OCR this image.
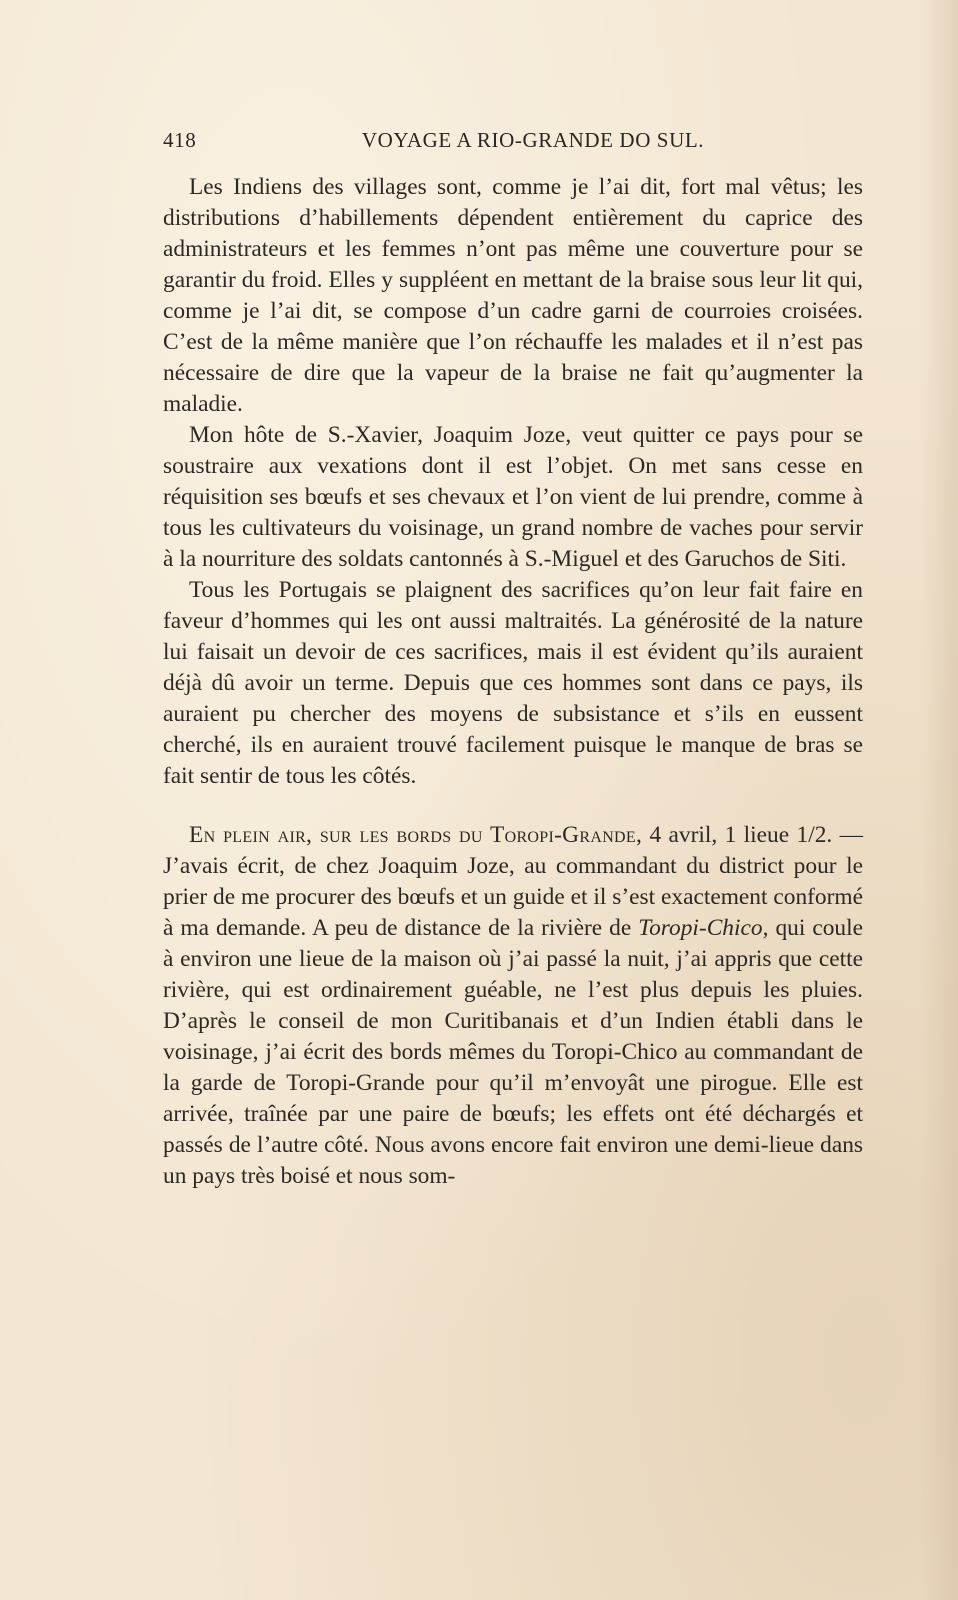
418	VOYAGE A RIO-GRANDE DO SUL.

Les Indiens des villages sont, comme je l’ai dit, fort mal vêtus; les distributions d’habillements dépendent entièrement du caprice des administrateurs et les femmes n’ont pas même une couverture pour se garantir du froid. Elles y suppléent en mettant de la braise sous leur lit qui, comme je l’ai dit, se compose d’un cadre garni de courroies croisées. C’est de la même manière que l’on réchauffe les malades et il n’est pas nécessaire de dire que la vapeur de la braise ne fait qu’augmenter la maladie.

Mon hôte de S.-Xavier, Joaquim Joze, veut quitter ce pays pour se soustraire aux vexations dont il est l’objet. On met sans cesse en réquisition ses bœufs et ses chevaux et l’on vient de lui prendre, comme à tous les cultivateurs du voisinage, un grand nombre de vaches pour servir à la nourriture des soldats cantonnés à S.-Miguel et des Garuchos de Siti.

Tous les Portugais se plaignent des sacrifices qu’on leur fait faire en faveur d’hommes qui les ont aussi maltraités. La générosité de la nature lui faisait un devoir de ces sacrifices, mais il est évident qu’ils auraient déjà dû avoir un terme. Depuis que ces hommes sont dans ce pays, ils auraient pu chercher des moyens de subsistance et s’ils en eussent cherché, ils en auraient trouvé facilement puisque le manque de bras se fait sentir de tous les côtés.

En plein air, sur les bords du Toropi-Grande, 4 avril, 1 lieue 1/2. — J’avais écrit, de chez Joaquim Joze, au commandant du district pour le prier de me procurer des bœufs et un guide et il s’est exactement conformé à ma demande. A peu de distance de la rivière de Toropi-Chico, qui coule à environ une lieue de la maison où j’ai passé la nuit, j’ai appris que cette rivière, qui est ordinairement guéable, ne l’est plus depuis les pluies. D’après le conseil de mon Curitibanais et d’un Indien établi dans le voisinage, j’ai écrit des bords mêmes du Toropi-Chico au commandant de la garde de Toropi-Grande pour qu’il m’envoyât une pirogue. Elle est arrivée, traînée par une paire de bœufs; les effets ont été déchargés et passés de l’autre côté. Nous avons encore fait environ une demi-lieue dans un pays très boisé et nous som-
